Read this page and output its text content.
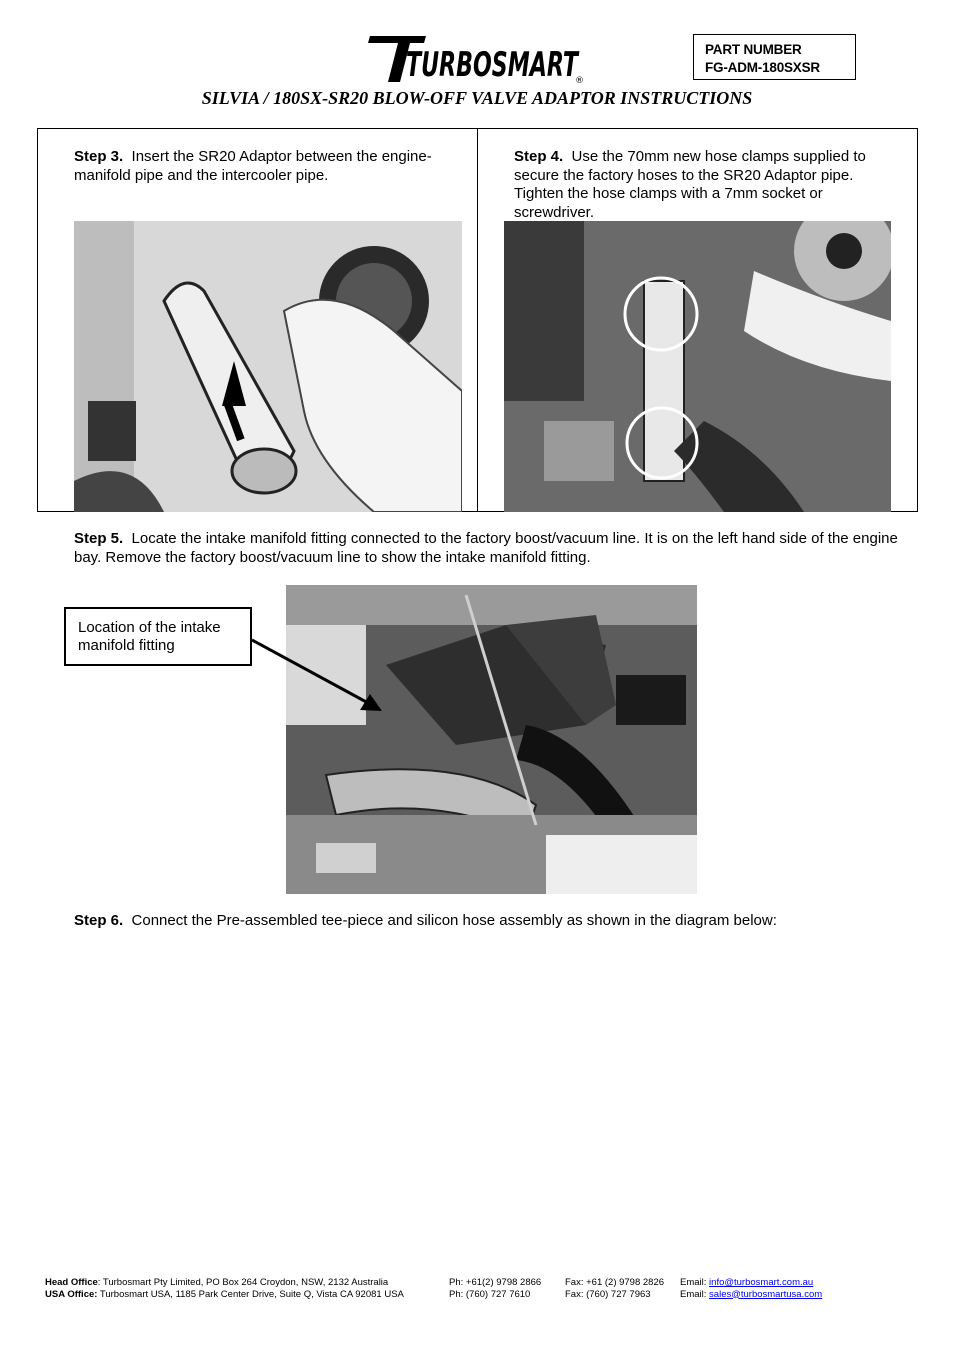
TURBOSMART
®
PART NUMBER
FG-ADM-180SXSR
SILVIA / 180SX-SR20 BLOW-OFF VALVE ADAPTOR INSTRUCTIONS
Step 3. Insert the SR20 Adaptor between the engine-manifold pipe and the intercooler pipe.
Step 4. Use the 70mm new hose clamps supplied to secure the factory hoses to the SR20 Adaptor pipe. Tighten the hose clamps with a 7mm socket or screwdriver.
Step 5. Locate the intake manifold fitting connected to the factory boost/vacuum line. It is on the left hand side of the engine bay. Remove the factory boost/vacuum line to show the intake manifold fitting.
Location of the intake manifold fitting
Step 6. Connect the Pre-assembled tee-piece and silicon hose assembly as shown in the diagram below:
Head Office: Turbosmart Pty Limited, PO Box 264 Croydon, NSW, 2132 Australia
USA Office: Turbosmart USA, 1185 Park Center Drive, Suite Q, Vista CA 92081 USA
Ph: +61(2) 9798 2866
Ph: (760) 727 7610
Fax: +61 (2) 9798 2826
Fax: (760) 727 7963
Email: info@turbosmart.com.au
Email: sales@turbosmartusa.com
